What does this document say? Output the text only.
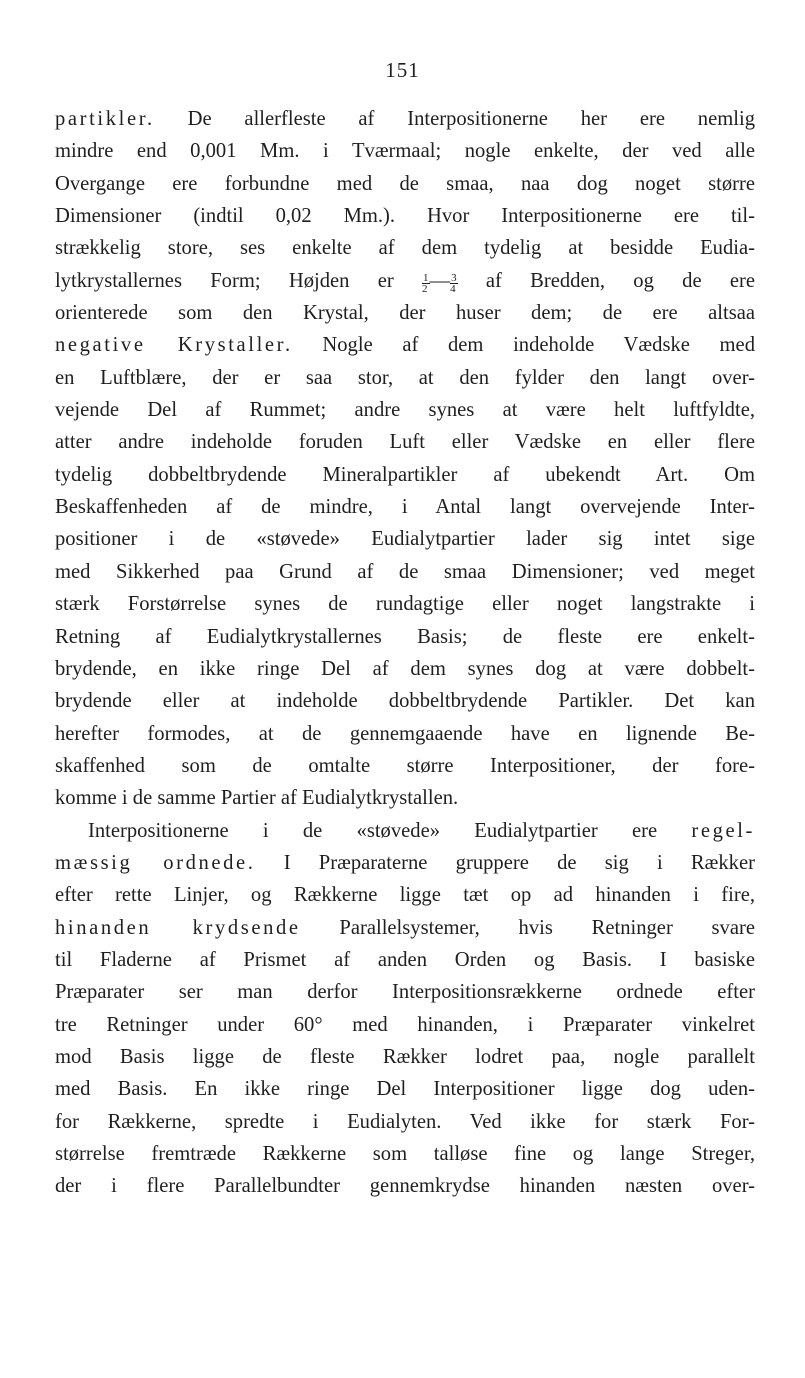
151
partikler. De allerfleste af Interpositionerne her ere nemlig
mindre end 0,001 Mm. i Tværmaal; nogle enkelte, der ved alle
Overgange ere forbundne med de smaa, naa dog noget større
Dimensioner (indtil 0,02 Mm.). Hvor Interpositionerne ere til-
strækkelig store, ses enkelte af dem tydelig at besidde Eudia-
lytkrystallernes Form; Højden er $\frac{1}{2}$ — $\frac{3}{4}$ af Bredden, og de ere
orienterede som den Krystal, der huser dem; de ere altsaa
negative Krystaller. Nogle af dem indeholde Vædske med
en Luftblære, der er saa stor, at den fylder den langt over-
vejende Del af Rummet; andre synes at være helt luftfyldte,
atter andre indeholde foruden Luft eller Vædske en eller flere
tydelig dobbeltbrydende Mineralpartikler af ubekendt Art. Om
Beskaffenheden af de mindre, i Antal langt overvejende Inter-
positioner i de «støvede» Eudialytpartier lader sig intet sige
med Sikkerhed paa Grund af de smaa Dimensioner; ved meget
stærk Forstørrelse synes de rundagtige eller noget langstrakte i
Retning af Eudialytkrystallernes Basis; de fleste ere enkelt-
brydende, en ikke ringe Del af dem synes dog at være dobbelt-
brydende eller at indeholde dobbeltbrydende Partikler. Det kan
herefter formodes, at de gennemgaaende have en lignende Be-
skaffenhed som de omtalte større Interpositioner, der fore-
komme i de samme Partier af Eudialytkrystallen.
Interpositionerne i de «støvede» Eudialytpartier ere regel-
mæssig ordnede. I Præparaterne gruppere de sig i Rækker
efter rette Linjer, og Rækkerne ligge tæt op ad hinanden i fire,
hinanden krydsende Parallelsystemer, hvis Retninger svare
til Fladerne af Prismet af anden Orden og Basis. I basiske
Præparater ser man derfor Interpositionsrækkerne ordnede efter
tre Retninger under 60° med hinanden, i Præparater vinkelret
mod Basis ligge de fleste Rækker lodret paa, nogle parallelt
med Basis. En ikke ringe Del Interpositioner ligge dog uden-
for Rækkerne, spredte i Eudialyten. Ved ikke for stærk For-
størrelse fremtræde Rækkerne som talløse fine og lange Streger,
der i flere Parallelbundter gennemkrydse hinanden næsten over-
